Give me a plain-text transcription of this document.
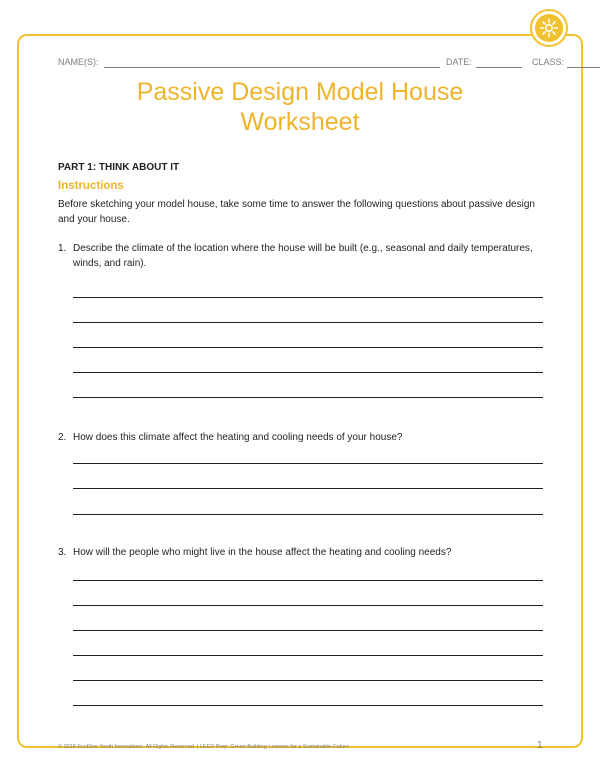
NAME(S):	DATE:	CLASS:
Passive Design Model House
Worksheet
PART 1: THINK ABOUT IT
Instructions
Before sketching your model house, take some time to answer the following questions about passive design and your house.
1. Describe the climate of the location where the house will be built (e.g., seasonal and daily temperatures, winds, and rain).
2. How does this climate affect the heating and cooling needs of your house?
3. How will the people who might live in the house affect the heating and cooling needs?
© 2018 EcoRise Youth Innovations. All Rights Reserved. | LEED Prep: Green Building Lessons for a Sustainable Future	1
